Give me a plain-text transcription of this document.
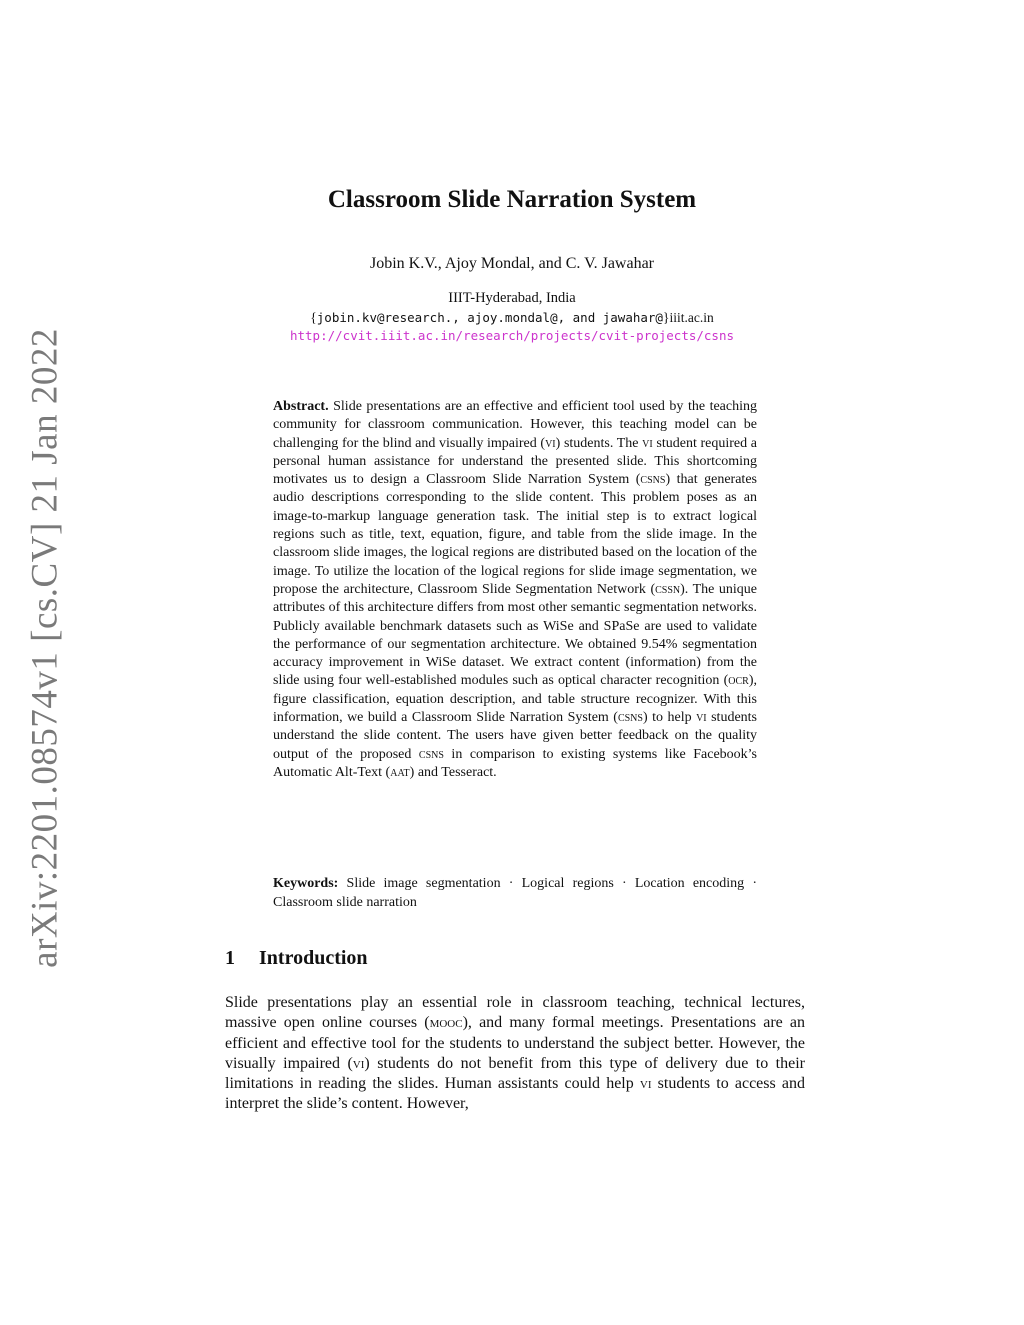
arXiv:2201.08574v1 [cs.CV] 21 Jan 2022
Classroom Slide Narration System
Jobin K.V., Ajoy Mondal, and C. V. Jawahar
IIIT-Hyderabad, India
{jobin.kv@research., ajoy.mondal@, and jawahar@}iiit.ac.in
http://cvit.iiit.ac.in/research/projects/cvit-projects/csns
Abstract. Slide presentations are an effective and efficient tool used by the teaching community for classroom communication. However, this teaching model can be challenging for the blind and visually impaired (vi) students. The vi student required a personal human assistance for understand the presented slide. This shortcoming motivates us to design a Classroom Slide Narration System (csns) that generates audio descriptions corresponding to the slide content. This problem poses as an image-to-markup language generation task. The initial step is to extract logical regions such as title, text, equation, figure, and table from the slide image. In the classroom slide images, the logical regions are distributed based on the location of the image. To utilize the location of the logical regions for slide image segmentation, we propose the architecture, Classroom Slide Segmentation Network (cssn). The unique attributes of this architecture differs from most other semantic segmentation networks. Publicly available benchmark datasets such as WiSe and SPaSe are used to validate the performance of our segmentation architecture. We obtained 9.54% segmentation accuracy improvement in WiSe dataset. We extract content (information) from the slide using four well-established modules such as optical character recognition (ocr), figure classification, equation description, and table structure recognizer. With this information, we build a Classroom Slide Narration System (csns) to help vi students understand the slide content. The users have given better feedback on the quality output of the proposed csns in comparison to existing systems like Facebook’s Automatic Alt-Text (aat) and Tesseract.
Keywords: Slide image segmentation · Logical regions · Location encoding · Classroom slide narration
1 Introduction
Slide presentations play an essential role in classroom teaching, technical lectures, massive open online courses (mooc), and many formal meetings. Presentations are an efficient and effective tool for the students to understand the subject better. However, the visually impaired (vi) students do not benefit from this type of delivery due to their limitations in reading the slides. Human assistants could help vi students to access and interpret the slide’s content. However,
